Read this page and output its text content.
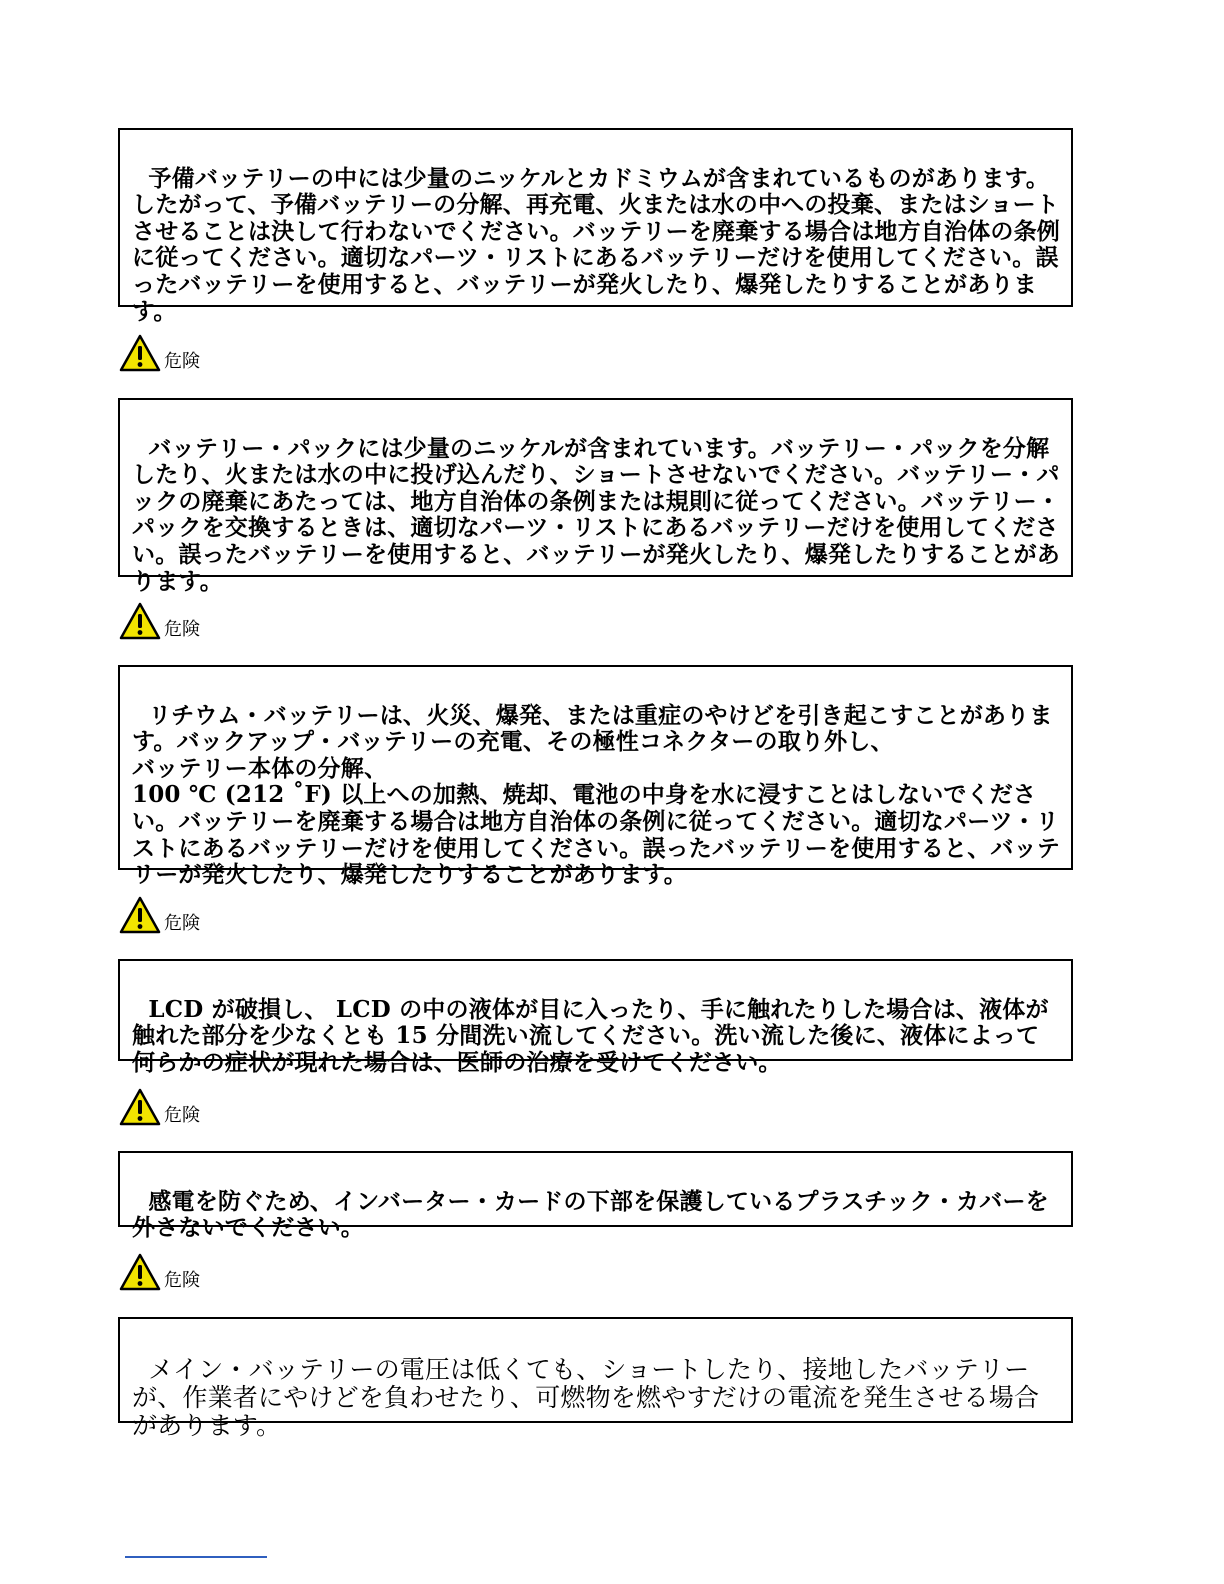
予備バッテリーの中には少量のニッケルとカドミウムが含まれているものがあります。したがって、予備バッテリーの分解、再充電、火または水の中への投棄、またはショートさせることは決して行わないでください。バッテリーを廃棄する場合は地方自治体の条例に従ってください。適切なパーツ・リストにあるバッテリーだけを使用してください。誤ったバッテリーを使用すると、バッテリーが発火したり、爆発したりすることがあります。

危険

バッテリー・パックには少量のニッケルが含まれています。バッテリー・パックを分解したり、火または水の中に投げ込んだり、ショートさせないでください。バッテリー・パックの廃棄にあたっては、地方自治体の条例または規則に従ってください。バッテリー・パックを交換するときは、適切なパーツ・リストにあるバッテリーだけを使用してください。誤ったバッテリーを使用すると、バッテリーが発火したり、爆発したりすることがあります。

危険

リチウム・バッテリーは、火災、爆発、または重症のやけどを引き起こすことがあります。バックアップ・バッテリーの充電、その極性コネクターの取り外し、
バッテリー本体の分解、
100 ℃ (212 ˚F) 以上への加熱、焼却、電池の中身を水に浸すことはしないでください。バッテリーを廃棄する場合は地方自治体の条例に従ってください。適切なパーツ・リストにあるバッテリーだけを使用してください。誤ったバッテリーを使用すると、バッテリーが発火したり、爆発したりすることがあります。

危険

LCD が破損し、 LCD の中の液体が目に入ったり、手に触れたりした場合は、液体が触れた部分を少なくとも 15 分間洗い流してください。洗い流した後に、液体によって何らかの症状が現れた場合は、医師の治療を受けてください。

危険

感電を防ぐため、インバーター・カードの下部を保護しているプラスチック・カバーを外さないでください。

危険

メイン・バッテリーの電圧は低くても、ショートしたり、接地したバッテリーが、作業者にやけどを負わせたり、可燃物を燃やすだけの電流を発生させる場合があります。
